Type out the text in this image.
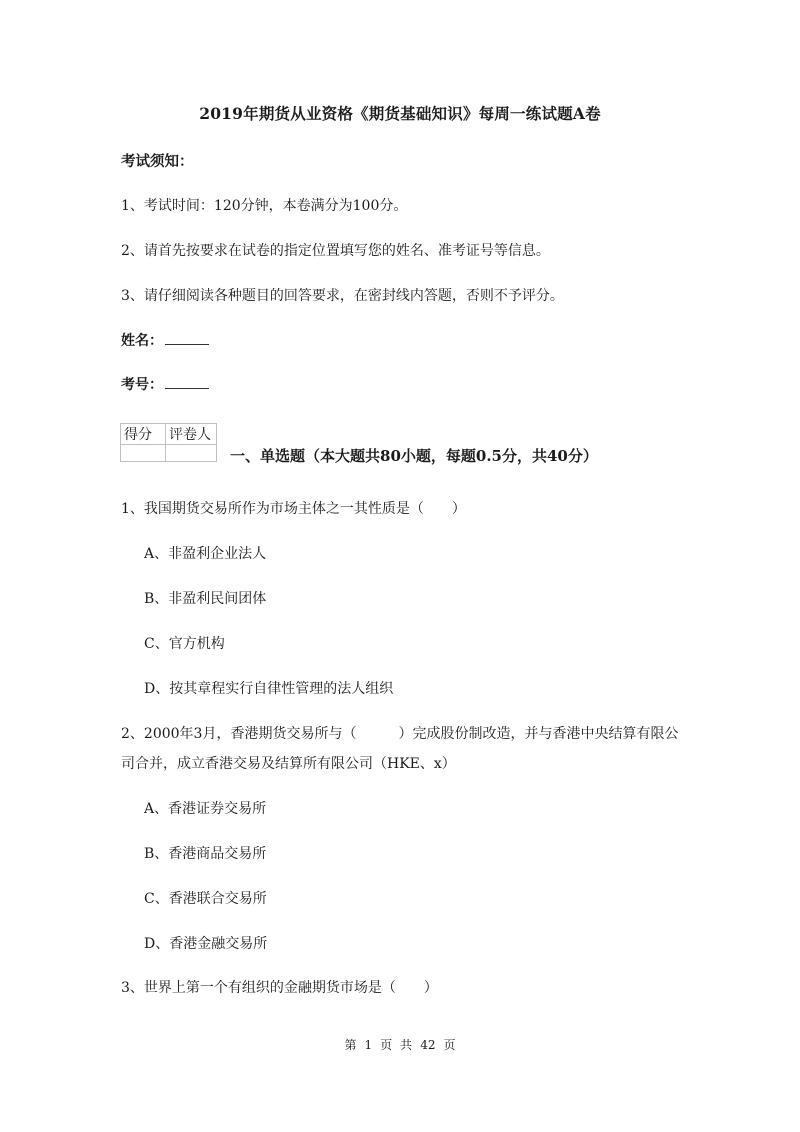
2019年期货从业资格《期货基础知识》每周一练试题A卷
考试须知：
1、考试时间：120分钟，本卷满分为100分。
2、请首先按要求在试卷的指定位置填写您的姓名、准考证号等信息。
3、请仔细阅读各种题目的回答要求，在密封线内答题，否则不予评分。
姓名：
考号：
得分	评卷人

一、单选题（本大题共80小题，每题0.5分，共40分）
1、我国期货交易所作为市场主体之一其性质是（　　）
A、非盈利企业法人
B、非盈利民间团体
C、官方机构
D、按其章程实行自律性管理的法人组织
2、2000年3月，香港期货交易所与（　　　）完成股份制改造，并与香港中央结算有限公
司合并，成立香港交易及结算所有限公司（HKE、x）
A、香港证券交易所
B、香港商品交易所
C、香港联合交易所
D、香港金融交易所
3、世界上第一个有组织的金融期货市场是（　　）
第 1 页 共 42 页
